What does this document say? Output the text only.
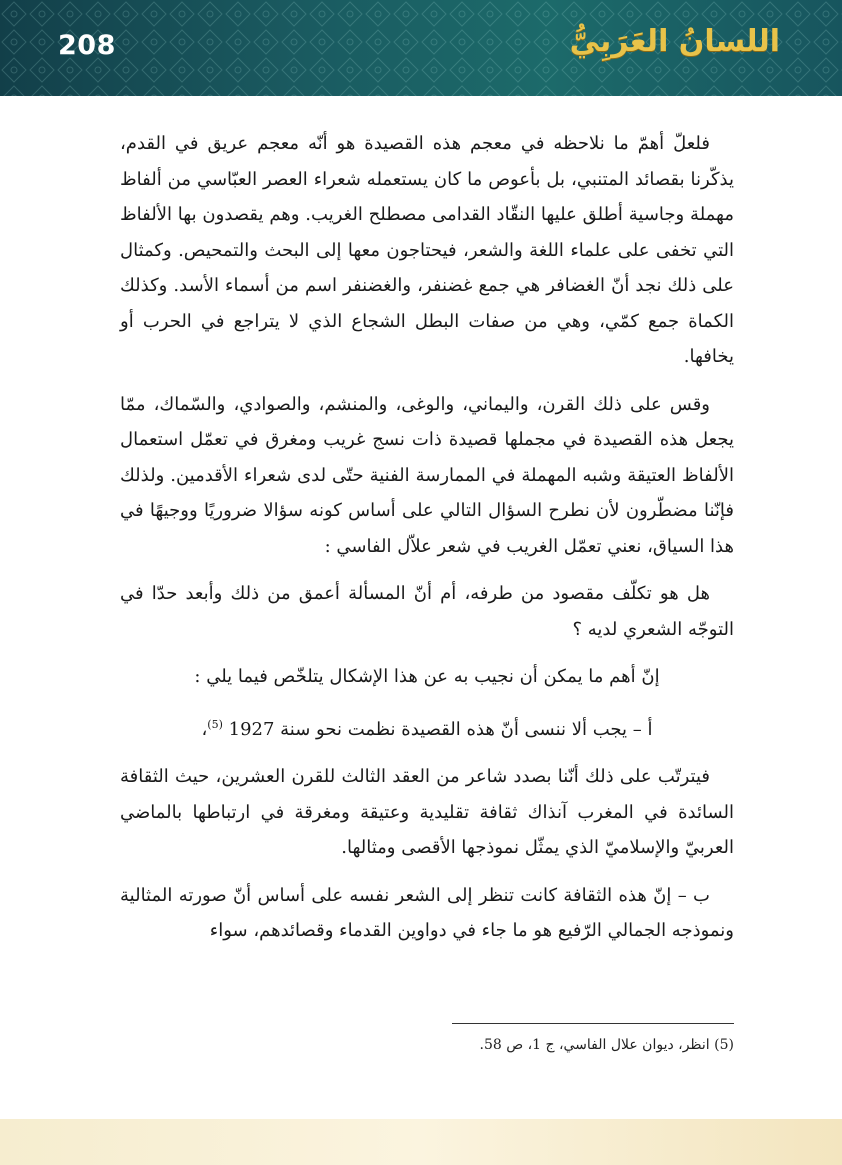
208	اللسانُ العَرَبِيُّ

فلعلّ أهمّ ما نلاحظه في معجم هذه القصيدة هو أنّه معجم عريق في القدم، يذكّرنا بقصائد المتنبي، بل بأعوص ما كان يستعمله شعراء العصر العبّاسي من ألفاظ مهملة وجاسية أطلق عليها النقّاد القدامى مصطلح الغريب. وهم يقصدون بها الألفاظ التي تخفى على علماء اللغة والشعر، فيحتاجون معها إلى البحث والتمحيص. وكمثال على ذلك نجد أنّ الغضافر هي جمع غضنفر، والغضنفر اسم من أسماء الأسد. وكذلك الكماة جمع كمّي، وهي من صفات البطل الشجاع الذي لا يتراجع في الحرب أو يخافها.

وقس على ذلك القرن، واليماني، والوغى، والمنشم، والصوادي، والسّماك، ممّا يجعل هذه القصيدة في مجملها قصيدة ذات نسج غريب ومغرق في تعمّل استعمال الألفاظ العتيقة وشبه المهملة في الممارسة الفنية حتّى لدى شعراء الأقدمين. ولذلك فإنّنا مضطّرون لأن نطرح السؤال التالي على أساس كونه سؤالا ضروريًا ووجيهًا في هذا السياق، نعني تعمّل الغريب في شعر علاّل الفاسي :

هل هو تكلّف مقصود من طرفه، أم أنّ المسألة أعمق من ذلك وأبعد حدّا في التوجّه الشعري لديه ؟

إنّ أهم ما يمكن أن نجيب به عن هذا الإشكال يتلخّص فيما يلي :

أ – يجب ألا ننسى أنّ هذه القصيدة نظمت نحو سنة 1927 $^{(5)}$،

فيترتّب على ذلك أنّنا بصدد شاعر من العقد الثالث للقرن العشرين، حيث الثقافة السائدة في المغرب آنذاك ثقافة تقليدية وعتيقة ومغرقة في ارتباطها بالماضي العربيّ والإسلاميّ الذي يمثّل نموذجها الأقصى ومثالها.

ب – إنّ هذه الثقافة كانت تنظر إلى الشعر نفسه على أساس أنّ صورته المثالية ونموذجه الجمالي الرّفيع هو ما جاء في دواوين القدماء وقصائدهم، سواء

(5) انظر، ديوان علال الفاسي، ج 1، ص 58.
